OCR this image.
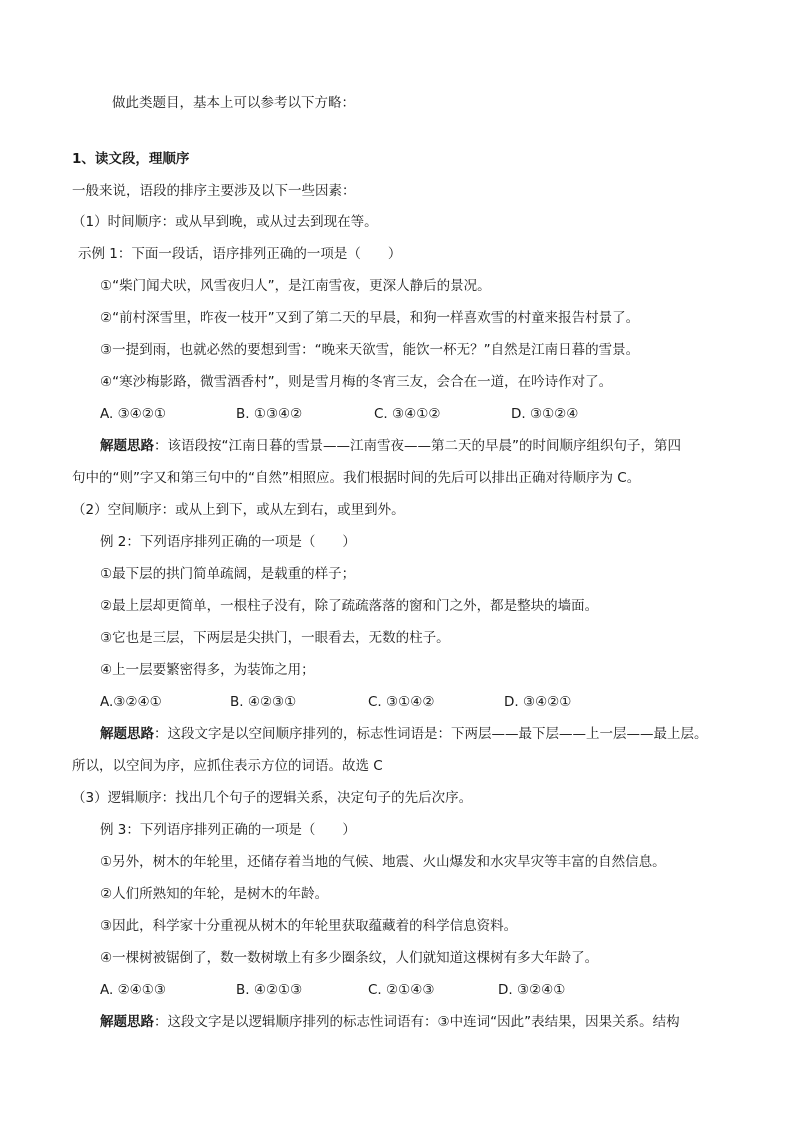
做此类题目，基本上可以参考以下方略：
1、读文段，理顺序
一般来说，语段的排序主要涉及以下一些因素：
（1）时间顺序：或从早到晚，或从过去到现在等。
示例 1：下面一段话，语序排列正确的一项是（　　）
①“柴门闻犬吠，风雪夜归人”，是江南雪夜，更深人静后的景况。
②“前村深雪里，昨夜一枝开”又到了第二天的早晨，和狗一样喜欢雪的村童来报告村景了。
③一提到雨，也就必然的要想到雪：“晚来天欲雪，能饮一杯无？”自然是江南日暮的雪景。
④“寒沙梅影路，微雪酒香村”，则是雪月梅的冬宵三友，会合在一道，在吟诗作对了。
A. ③④②①	B. ①③④②	C. ③④①②	D. ③①②④
解题思路：该语段按“江南日暮的雪景——江南雪夜——第二天的早晨”的时间顺序组织句子，第四
句中的“则”字又和第三句中的“自然”相照应。我们根据时间的先后可以排出正确对待顺序为 C。
（2）空间顺序：或从上到下，或从左到右，或里到外。
例 2：下列语序排列正确的一项是（　　）
①最下层的拱门简单疏阔，是载重的样子；
②最上层却更简单，一根柱子没有，除了疏疏落落的窗和门之外，都是整块的墙面。
③它也是三层，下两层是尖拱门，一眼看去，无数的柱子。
④上一层要繁密得多，为装饰之用；
A.③②④①	B. ④②③①	C. ③①④②	D. ③④②①
解题思路：这段文字是以空间顺序排列的，标志性词语是：下两层——最下层——上一层——最上层。
所以，以空间为序，应抓住表示方位的词语。故选 C
（3）逻辑顺序：找出几个句子的逻辑关系，决定句子的先后次序。
例 3：下列语序排列正确的一项是（　　）
①另外，树木的年轮里，还储存着当地的气候、地震、火山爆发和水灾旱灾等丰富的自然信息。
②人们所熟知的年轮，是树木的年龄。
③因此，科学家十分重视从树木的年轮里获取蕴藏着的科学信息资料。
④一棵树被锯倒了，数一数树墩上有多少圈条纹，人们就知道这棵树有多大年龄了。
A. ②④①③	B. ④②①③	C. ②①④③	D. ③②④①
解题思路：这段文字是以逻辑顺序排列的标志性词语有：③中连词“因此”表结果，因果关系。结构
